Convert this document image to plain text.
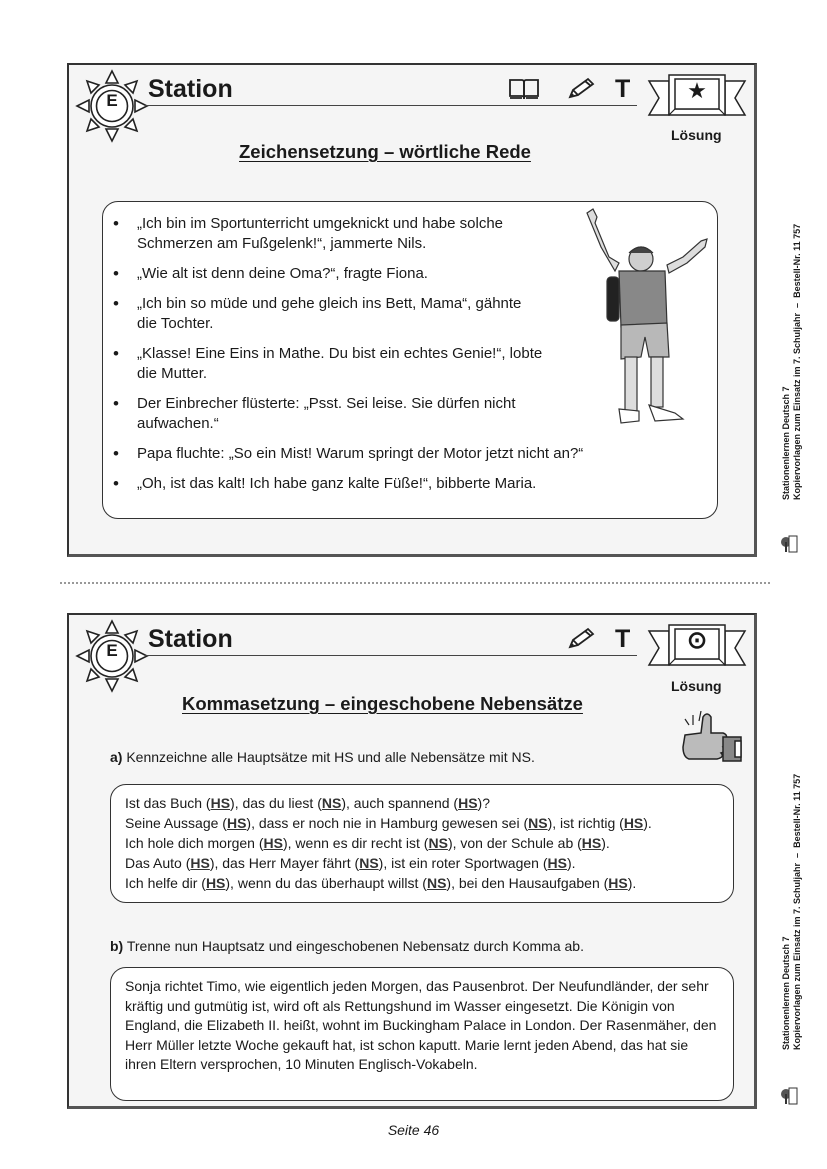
E	Station	T	★
Lösung
Zeichensetzung – wörtliche Rede
• „Ich bin im Sportunterricht umgeknickt und habe solche Schmerzen am Fußgelenk!“, jammerte Nils.
• „Wie alt ist denn deine Oma?“, fragte Fiona.
• „Ich bin so müde und gehe gleich ins Bett, Mama“, gähnte die Tochter.
• „Klasse! Eine Eins in Mathe. Du bist ein echtes Genie!“, lobte die Mutter.
• Der Einbrecher flüsterte: „Psst. Sei leise. Sie dürfen nicht aufwachen.“
• Papa fluchte: „So ein Mist! Warum springt der Motor jetzt nicht an?“
• „Oh, ist das kalt! Ich habe ganz kalte Füße!“, bibberte Maria.
E	Station	T	⊙
Lösung
Kommasetzung – eingeschobene Nebensätze
a) Kennzeichne alle Hauptsätze mit HS und alle Nebensätze mit NS.
Ist das Buch (HS), das du liest (NS), auch spannend (HS)?
Seine Aussage (HS), dass er noch nie in Hamburg gewesen sei (NS), ist richtig (HS).
Ich hole dich morgen (HS), wenn es dir recht ist (NS), von der Schule ab (HS).
Das Auto (HS), das Herr Mayer fährt (NS), ist ein roter Sportwagen (HS).
Ich helfe dir (HS), wenn du das überhaupt willst (NS), bei den Hausaufgaben (HS).
b) Trenne nun Hauptsatz und eingeschobenen Nebensatz durch Komma ab.
Sonja richtet Timo, wie eigentlich jeden Morgen, das Pausenbrot. Der Neufundländer, der sehr kräftig und gutmütig ist, wird oft als Rettungshund im Wasser eingesetzt. Die Königin von England, die Elizabeth II. heißt, wohnt im Buckingham Palace in London. Der Rasenmäher, den Herr Müller letzte Woche gekauft hat, ist schon kaputt. Marie lernt jeden Abend, das hat sie ihren Eltern versprochen, 10 Minuten Englisch-Vokabeln.
Stationenlernen Deutsch 7
Kopiervorlagen zum Einsatz im 7. Schuljahr  –  Bestell-Nr. 11 757
Stationenlernen Deutsch 7
Kopiervorlagen zum Einsatz im 7. Schuljahr  –  Bestell-Nr. 11 757
Seite 46
